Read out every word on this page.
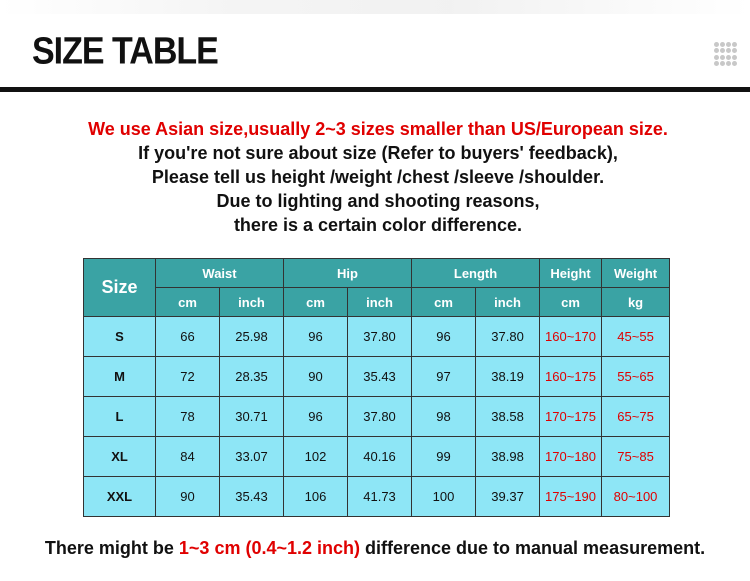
SIZE TABLE
We use Asian size,usually 2~3 sizes smaller than US/European size.
If you're not sure about size (Refer to buyers' feedback),
Please tell us height /weight /chest /sleeve /shoulder.
Due to lighting and shooting reasons,
there is a certain color difference.
Size	Waist		Hip		Length		Height	Weight
	cm	inch	cm	inch	cm	inch	cm	kg
S	66	25.98	96	37.80	96	37.80	160~170	45~55
M	72	28.35	90	35.43	97	38.19	160~175	55~65
L	78	30.71	96	37.80	98	38.58	170~175	65~75
XL	84	33.07	102	40.16	99	38.98	170~180	75~85
XXL	90	35.43	106	41.73	100	39.37	175~190	80~100
There might be 1~3 cm (0.4~1.2 inch) difference due to manual measurement.
